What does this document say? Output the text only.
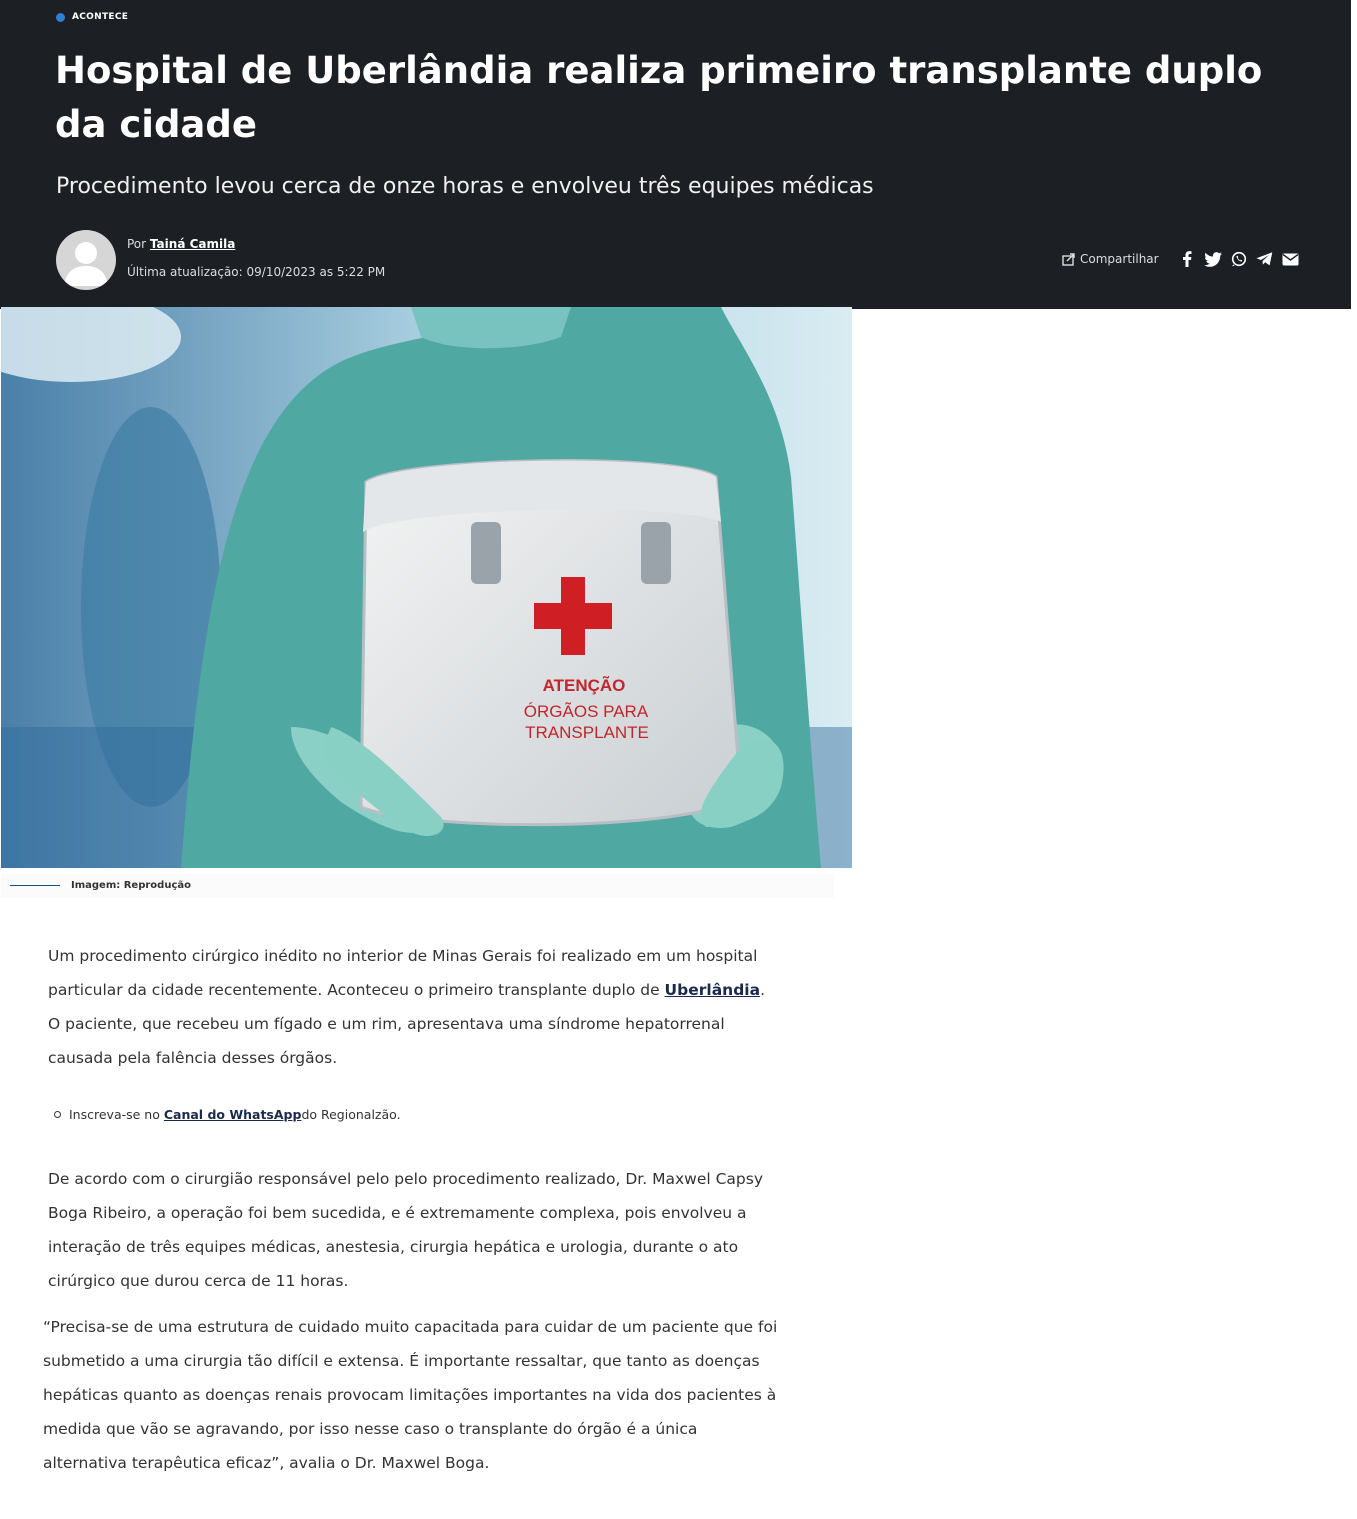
ACONTECE
Hospital de Uberlândia realiza primeiro transplante duplo da cidade
Procedimento levou cerca de onze horas e envolveu três equipes médicas
Por Tainá Camila
Última atualização: 09/10/2023 as 5:22 PM
Compartilhar
ATENÇÃO
ÓRGÃOS PARA
TRANSPLANTE
Imagem: Reprodução

Um procedimento cirúrgico inédito no interior de Minas Gerais foi realizado em um hospital particular da cidade recentemente. Aconteceu o primeiro transplante duplo de Uberlândia. O paciente, que recebeu um fígado e um rim, apresentava uma síndrome hepatorrenal causada pela falência desses órgãos.

Inscreva-se no
Canal do WhatsApp do Regionalzão.

De acordo com o cirurgião responsável pelo pelo procedimento realizado, Dr. Maxwel Capsy Boga Ribeiro, a operação foi bem sucedida, e é extremamente complexa, pois envolveu a interação de três equipes médicas, anestesia, cirurgia hepática e urologia, durante o ato cirúrgico que durou cerca de 11 horas.

“Precisa-se de uma estrutura de cuidado muito capacitada para cuidar de um paciente que foi submetido a uma cirurgia tão difícil e extensa. É importante ressaltar, que tanto as doenças hepáticas quanto as doenças renais provocam limitações importantes na vida dos pacientes à medida que vão se agravando, por isso nesse caso o transplante do órgão é a única alternativa terapêutica eficaz”, avalia o Dr. Maxwel Boga.
